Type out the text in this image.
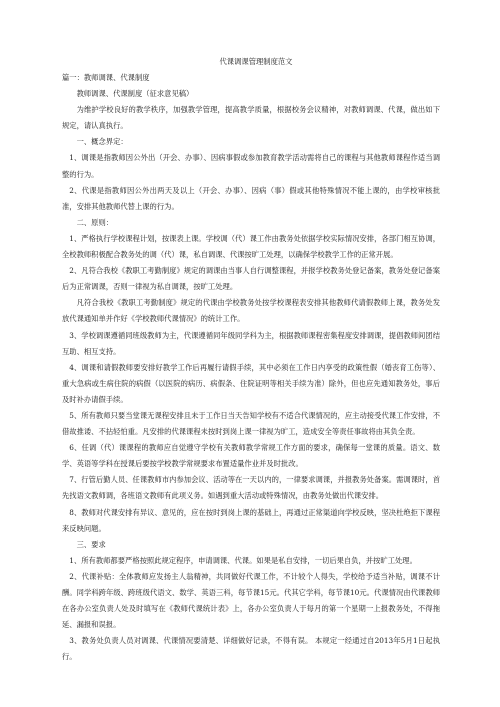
代课调课管理制度范文

篇一：教师调课、代课制度

教师调课、代课制度（征求意见稿）

为维护学校良好的教学秩序，加强教学管理，提高教学质量，根据校务会议精神，对教师调课、代课，做出如下规定，请认真执行。

一、概念界定：

1、调课是指教师因公外出（开会、办事）、因病事假或参加教育教学活动需将自己的课程与其他教师课程作适当调整的行为。

2、代课是指教师因公外出两天及以上（开会、办事）、因病（事）假或其他特殊情况不能上课的，由学校审核批准，安排其他教师代替上课的行为。

二、原则：

1、严格执行学校课程计划，按课表上课。学校调（代）课工作由教务处依据学校实际情况安排，各部门相互协调，全校教师积极配合教务处的调（代）课，私自调课、代课按旷工处理，以确保学校教学工作的正常开展。

2、凡符合我校《教职工考勤制度》规定的调课由当事人自行调整课程，并报学校教务处登记备案，教务处登记备案后为正常调课，否则一律视为私自调课，按旷工处理。

凡符合我校《教职工考勤制度》规定的代课由学校教务处按学校课程表安排其他教师代请假教师上课，教务处发放代课通知单并作好《学校教师代课情况》的统计工作。

3、学校调课遵循同班级教师为主，代课遵循同年级同学科为主，根据教师课程密集程度安排调课，提倡教师间团结互助、相互支持。

4、调课和请假教师要安排好教学工作后再履行请假手续，其中必须在工作日内享受的政策性假（婚丧育工伤等）、重大急病或生病住院的病假（以医院的病历、病假条、住院证明等相关手续为准）除外，但也应先通知教务处，事后及时补办请假手续。

5、所有教师只要当堂课无课程安排且未于工作日当天告知学校有不适合代课情况的，应主动接受代课工作安排，不借故推诿、不拈轻怕重。凡安排的代课课程未按时到岗上课一律视为旷工，造成安全等责任事故将由其负全责。

6、任调（代）课课程的教师应自觉遵守学校有关教师教学常规工作方面的要求，确保每一堂课的质量。语文、数学、英语等学科在授课后要按学校教学常规要求布置适量作业并及时批改。

7、行管后勤人员、任课教师市内参加会议、活动等在一天以内的，一律要求调课，并报教务处备案。需调课时，首先找语文教师调，各班语文教师有此项义务。如遇到重大活动或特殊情况，由教务处做出代课安排。

8、教师对代课安排有异议、意见的，应在按时到岗上课的基础上，再通过正常渠道向学校反映，坚决杜绝拒下课程来反映问题。

三、要求

1、所有教师都要严格按照此规定程序，申请调课、代课。如果是私自安排，一切后果自负，并按旷工处理。

2、代课补贴：全体教师应发扬主人翁精神，共同做好代课工作，不计较个人得失，学校给予适当补贴，调课不计酬。同学科跨年级、跨班级代语文、数学、英语三科，每节课15元。代其它学科，每节课10元。代课情况由代课教师在各办公室负责人处及时填写在《教师代课统计表》上，各办公室负责人于每月的第一个星期一上报教务处，不得拖延、漏报和误报。

3、教务处负责人员对调课、代课情况要清楚、详细做好记录，不得有误。 本规定一经通过自2013年5月1日起执行。
